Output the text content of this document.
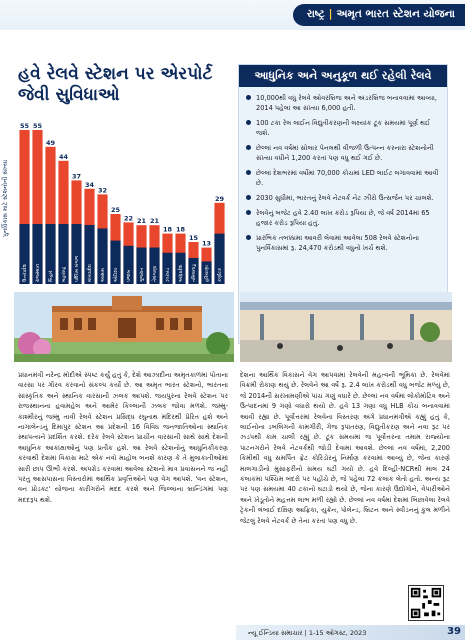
રાષ્ટ્ર | અમૃત ભારત સ્ટેશન યોજના
હવે રેલવે સ્ટેશન પર એરપોર્ટ જેવી સુવિધાઓ
પુનર્વિકાસ માટે સ્ટેશનોની સંખ્યા
ઉત્તરપ્રદેશ
55
રાજસ્થાન
55
બિહાર
49
મહારાષ્ટ્ર
44
પશ્ચિમ બંગાળ
37
મધ્યપ્રદેશ
34
આસામ
32
ઓડિશા
25
પંજાબ
22
ગુજરાત
21
તેલંગાણા
21
ઝારખંડ
18
આંધ્રપ્રદેશ
18
તમિલનાડુ
15
હરિયાણા
13
કર્ણાટક
29
આધુનિક અને અનુકૂળ થઈ રહેલી રેલવે
10,000થી વધુ રેલવે ઓવરબ્રિજ અને અંડરબ્રિજ બનાવવામાં આવ્યા, 2014 પહેલાં આ સંખ્યા 6,000 હતી.
100 ટકા રેલ લાઈન વિદ્યુતીકરણની લક્ષ્યાંક ટૂંક સમયમાં પૂર્ણ થઈ જશે.
છેલ્લાં નવ વર્ષમાં સોલાર પેનલથી વીજળી ઉત્પન્ન કરનારા સ્ટેશનોની સંખ્યા વધીને 1,200 કરતાં પણ વધુ થઈ ગઈ છે.
છેલ્લાં દેશભરમાં વર્ષોમાં 70,000 કોચમાં LED લાઈટ લગાવવામાં આવી છે.
2030 સુધીમાં, ભારતનું રેલવે નેટવર્ક નેટ ઝીરો ઉત્સર્જન પર ચાલશે.
રેલવેનું બજેટ હવે 2.40 લાખ કરોડ રૂપિયા છે, જે વર્ષ 2014માં 65 હજાર કરોડ રૂપિયા હતું.
પ્રારંભિક તબક્કામાં આવરી લેવામાં આવેલા 508 રેલવે સ્ટેશનોના પુનર્વિકાસમાં રૂ. 24,470 કરોડથી વધુનો ખર્ચ થશે.
પ્રધાનમંત્રી નરેન્દ્ર મોદીએ સ્પષ્ટ કર્યું હતું કે, દેશે આઝાદીના અમૃતકાળમાં પોતાના વારસા પર ગૌરવ કરવાનો સંકલ્પ કર્યો છે. આ અમૃત ભારત સ્ટેશનો, ભારતના સાંસ્કૃતિક અને સ્થાનિક વારસાની ઝલક આપશે. જયપુરના રેલવે સ્ટેશન પર રાજસ્થાનના હવામહેલ અને આમેર કિલ્લાની ઝલક જોવા મળશે. જમ્મુ-કાશ્મીરનું જમ્મુ તાવી રેલવે સ્ટેશન પ્રસિદ્ધ રઘુનાથ મંદિરથી પ્રેરિત હશે અને નાગાલેન્ડનું દિમાપુર સ્ટેશન આ પ્રદેશની 16 વિવિધ જનજાતિઓના સ્થાનિક સ્થાપત્યને પ્રદર્શિત કરશે. દરેક રેલવે સ્ટેશન પ્રાચીન વારસાની સાથે સાથે દેશની આધુનિક આકાંક્ષાઓનું પણ પ્રતીક હશે. આ રેલવે સ્ટેશનોનું આધુનિકીકરણ કરવાથી દેશમાં વિકાસ માટે એક નવો માહોલ બનશે કારણ કે તે મુલાકાતીઓમાં સારી છાપ ઊભી કરશે. અપગ્રેડ કરવામાં આવેલા સ્ટેશનો માત્ર પ્રવાસનને જ નહીં પરંતુ આસપાસના વિસ્તારોમાં આર્થિક પ્રવૃત્તિઓને પણ વેગ આપશે. 'વન સ્ટેશન, વન પ્રોડક્ટ' યોજના કારીગરોને મદદ કરશે અને જિલ્લાના બ્રાન્ડિંગમાં પણ મદદરૂપ થશે.
દેશના આર્થિક વિકાસને વેગ આપવામાં રેલવેની મહત્વની ભૂમિકા છે. રેલવેમાં વિક્રમી રોકાણ થયું છે. રેલવેને આ વર્ષે રૂ. 2.4 લાખ કરોડથી વધુ બજેટ મળ્યું છે, જે 2014ની સરખામણીએ પાંચ ગણું વધારે છે. છેલ્લાં નવ વર્ષમાં લોકોમોટિવ અને ઉત્પાદનમાં 9 ગણો વધારો થયો છે. હવે 13 ગણા વધુ HLB કોચ બનાવવામાં આવી રહ્યા છે. પૂર્વોત્તરમાં રેલવેના વિસ્તરણ અંગે પ્રધાનમંત્રીએ કહ્યું હતું કે, લાઈનોના ડબલિંગની કામગીરી, ગેજ રૂપાંતરણ, વિદ્યુતીકરણ અને નવા રૂટ પર ઝડપથી કામ ચાલી રહ્યું છે. ટૂંક સમયમાં જ પૂર્વોત્તરના તમામ રાજ્યોના પાટનગરોને રેલવે નેટવર્કથી જોડી દેવામાં આવશે. છેલ્લાં નવ વર્ષમાં, 2,200 કિમીથી વધુ સમર્પિત ફ્રેટ કોરિડોરનું નિર્માણ કરવામાં આવ્યું છે, જેના કારણે માલગાડીનો મુસાફરીનો સમય ઘટી ગયો છે. હવે દિલ્હી-NCRથી માલ 24 કલાકમાં પશ્ચિમ બંદરો પર પહોંચે છે, જે પહેલાં 72 કલાક લેતો હતો. અન્ય રૂટ પર પણ સમયમાં 40 ટકાનો ઘટાડો થયો છે, જેના કારણે ઉદ્યોગોને, વેપારીઓને અને ખેડૂતોને મહત્તમ લાભ મળી રહ્યો છે. છેલ્લાં નવ વર્ષમાં દેશમાં બિછાવેલા રેલવે ટ્રેકની લંબાઈ દક્ષિણ આફ્રિકા, યુક્રેન, પોલેન્ડ, બ્રિટન અને સ્વીડનનું કુલ મળીને જેટલું રેલવે નેટવર્ક છે તેના કરતાં પણ વધુ છે.
ન્યૂ ઈન્ડિયા સમાચાર | 1-15 ઓગસ્ટ, 2023	39
